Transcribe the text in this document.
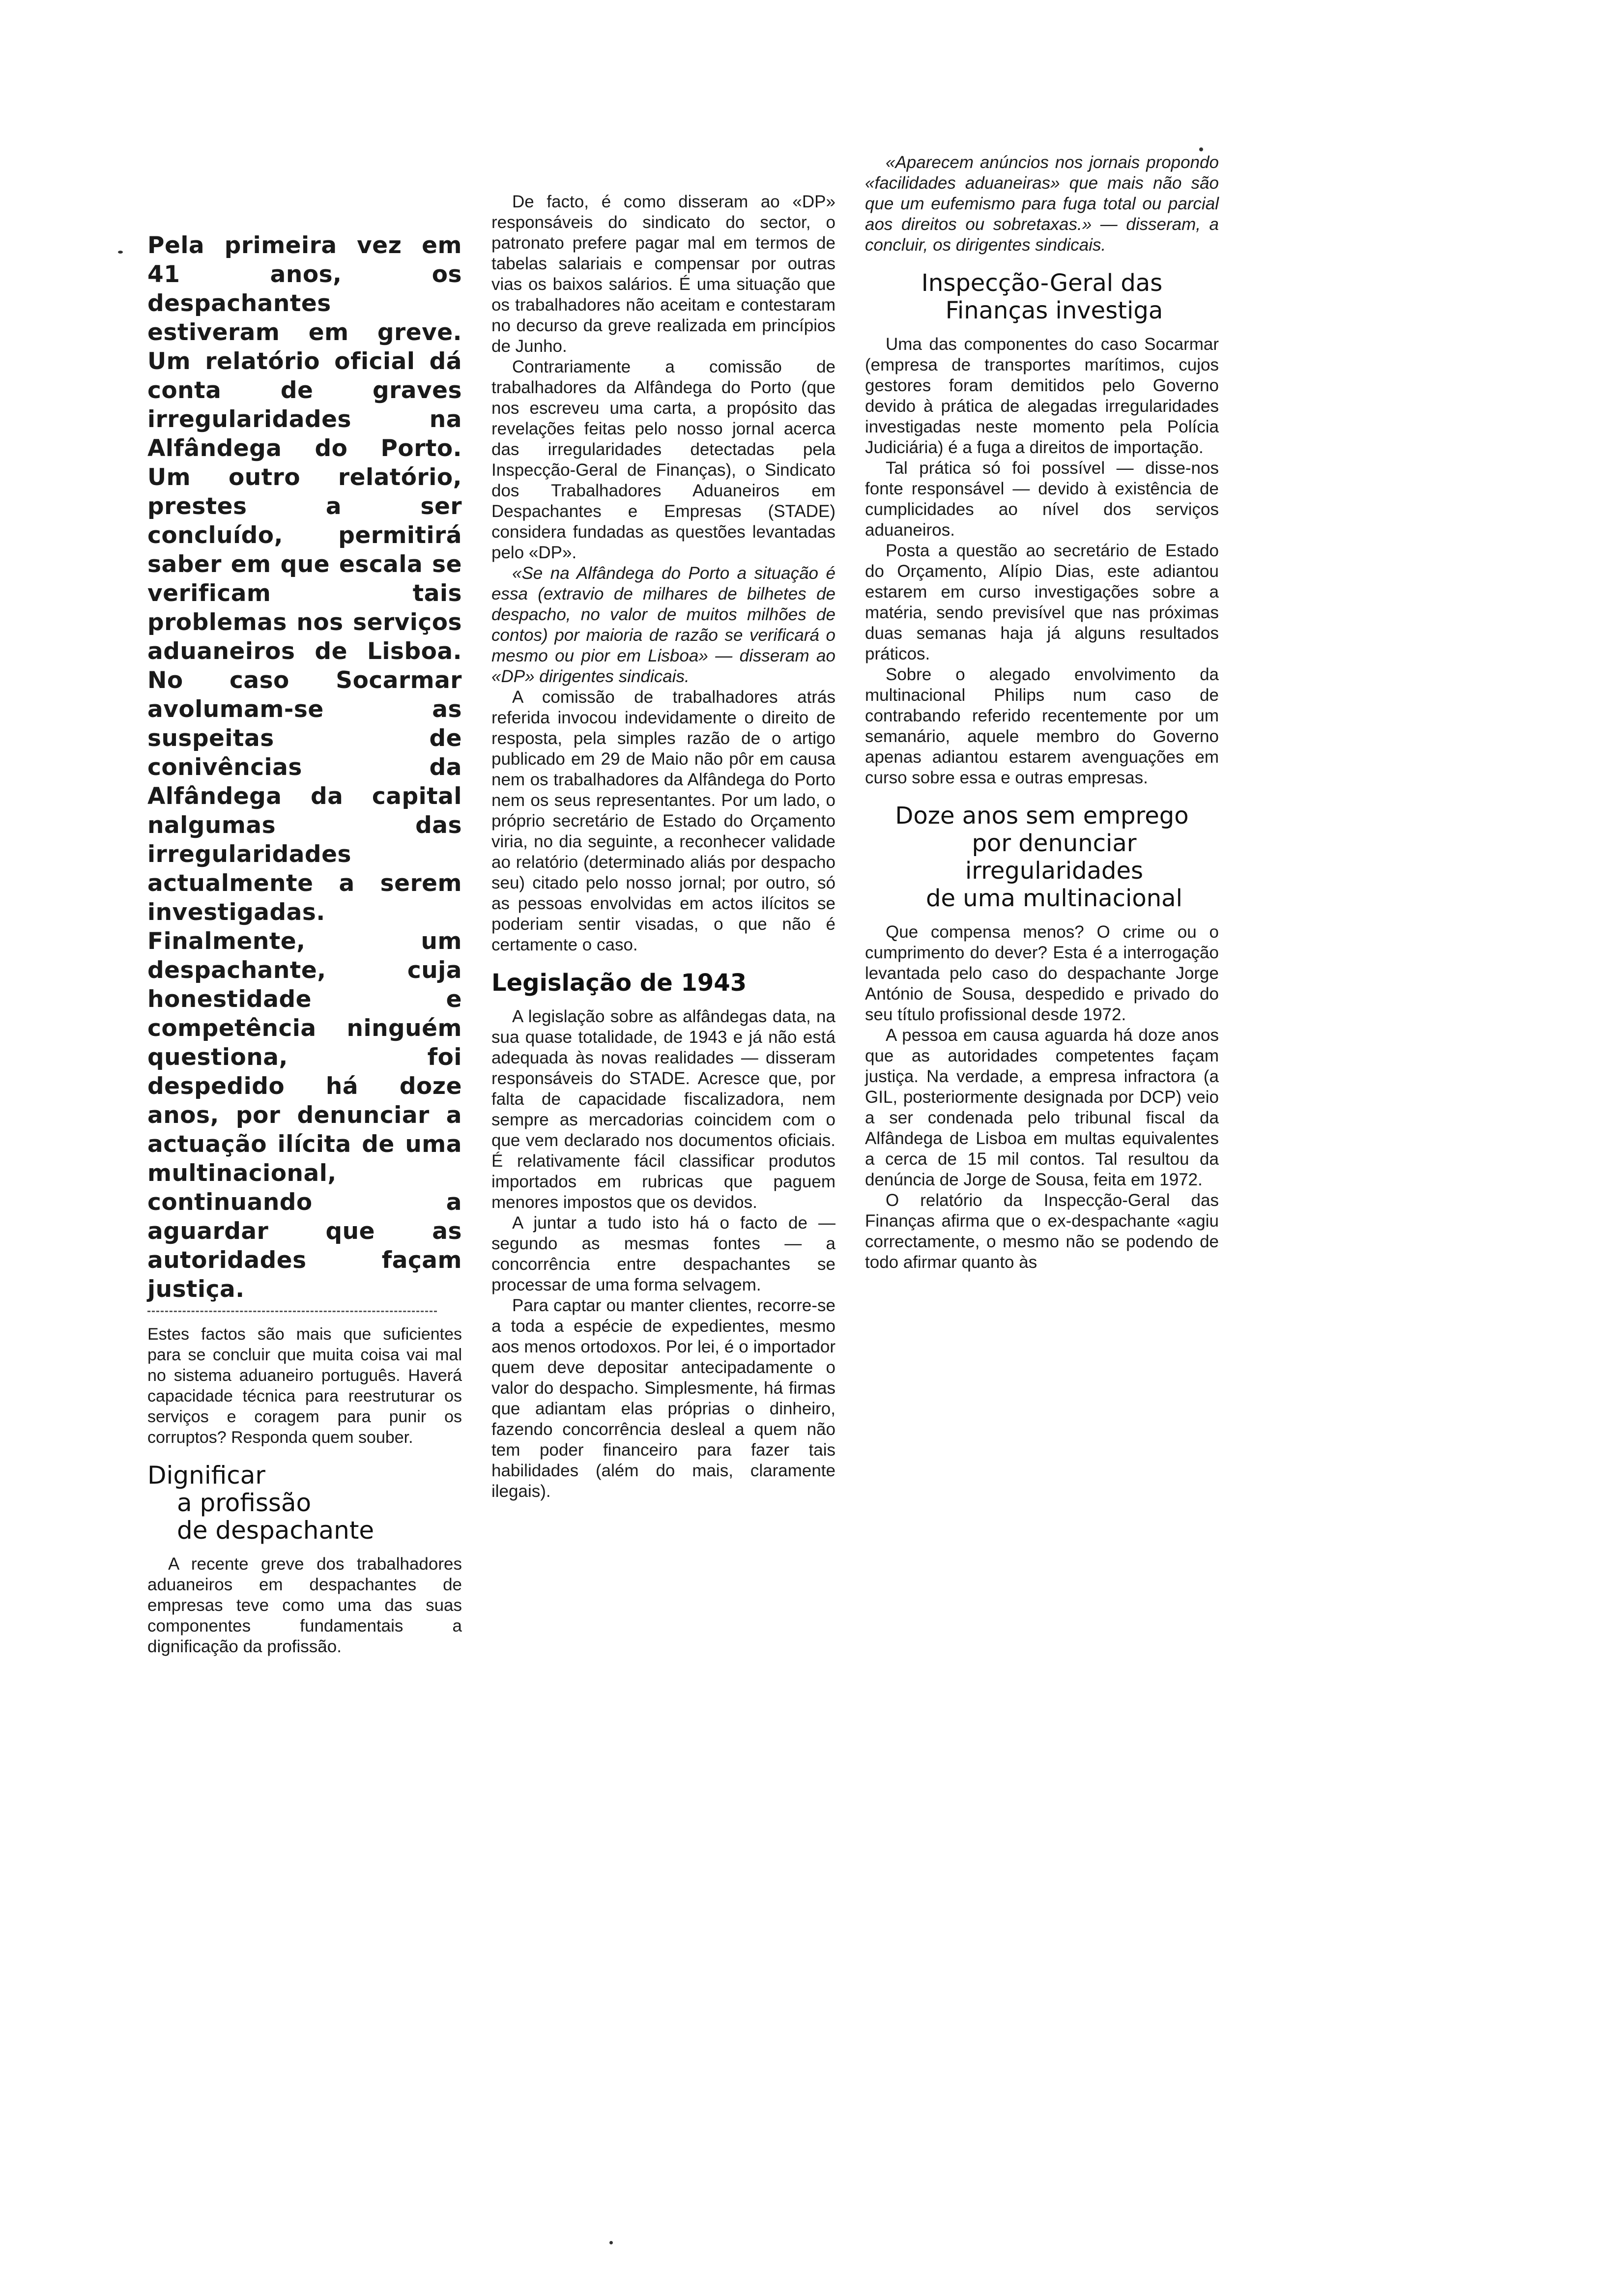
Pela primeira vez em 41 anos, os despachantes estiveram em greve. Um relatório oficial dá conta de graves irregularidades na Alfândega do Porto. Um outro relatório, prestes a ser concluído, permitirá saber em que escala se verificam tais problemas nos serviços aduaneiros de Lisboa. No caso Socarmar avolumam-se as suspeitas de conivências da Alfândega da capital nalgumas das irregularidades actualmente a serem investigadas. Finalmente, um despachante, cuja honestidade e competência ninguém questiona, foi despedido há doze anos, por denunciar a actuação ilícita de uma multinacional, continuando a aguardar que as autoridades façam justiça.

Estes factos são mais que suficientes para se concluir que muita coisa vai mal no sistema aduaneiro português. Haverá capacidade técnica para reestruturar os serviços e coragem para punir os corruptos? Responda quem souber.

Dignificar
a profissão
de despachante

A recente greve dos trabalhadores aduaneiros em despachantes de empresas teve como uma das suas componentes fundamentais a dignificação da profissão.

De facto, é como disseram ao «DP» responsáveis do sindicato do sector, o patronato prefere pagar mal em termos de tabelas salariais e compensar por outras vias os baixos salários. É uma situação que os trabalhadores não aceitam e contestaram no decurso da greve realizada em princípios de Junho.

Contrariamente a comissão de trabalhadores da Alfândega do Porto (que nos escreveu uma carta, a propósito das revelações feitas pelo nosso jornal acerca das irregularidades detectadas pela Inspecção-Geral de Finanças), o Sindicato dos Trabalhadores Aduaneiros em Despachantes e Empresas (STADE) considera fundadas as questões levantadas pelo «DP».

«Se na Alfândega do Porto a situação é essa (extravio de milhares de bilhetes de despacho, no valor de muitos milhões de contos) por maioria de razão se verificará o mesmo ou pior em Lisboa» — disseram ao «DP» dirigentes sindicais.

A comissão de trabalhadores atrás referida invocou indevidamente o direito de resposta, pela simples razão de o artigo publicado em 29 de Maio não pôr em causa nem os trabalhadores da Alfândega do Porto nem os seus representantes. Por um lado, o próprio secretário de Estado do Orçamento viria, no dia seguinte, a reconhecer validade ao relatório (determinado aliás por despacho seu) citado pelo nosso jornal; por outro, só as pessoas envolvidas em actos ilícitos se poderiam sentir visadas, o que não é certamente o caso.

Legislação de 1943

A legislação sobre as alfândegas data, na sua quase totalidade, de 1943 e já não está adequada às novas realidades — disseram responsáveis do STADE. Acresce que, por falta de capacidade fiscalizadora, nem sempre as mercadorias coincidem com o que vem declarado nos documentos oficiais. É relativamente fácil classificar produtos importados em rubricas que paguem menores impostos que os devidos.

A juntar a tudo isto há o facto de — segundo as mesmas fontes — a concorrência entre despachantes se processar de uma forma selvagem.

Para captar ou manter clientes, recorre-se a toda a espécie de expedientes, mesmo aos menos ortodoxos. Por lei, é o importador quem deve depositar antecipadamente o valor do despacho. Simplesmente, há firmas que adiantam elas próprias o dinheiro, fazendo concorrência desleal a quem não tem poder financeiro para fazer tais habilidades (além do mais, claramente ilegais).

«Aparecem anúncios nos jornais propondo «facilidades aduaneiras» que mais não são que um eufemismo para fuga total ou parcial aos direitos ou sobretaxas.» — disseram, a concluir, os dirigentes sindicais.

Inspecção-Geral das
Finanças investiga

Uma das componentes do caso Socarmar (empresa de transportes marítimos, cujos gestores foram demitidos pelo Governo devido à prática de alegadas irregularidades investigadas neste momento pela Polícia Judiciária) é a fuga a direitos de importação.

Tal prática só foi possível — disse-nos fonte responsável — devido à existência de cumplicidades ao nível dos serviços aduaneiros.

Posta a questão ao secretário de Estado do Orçamento, Alípio Dias, este adiantou estarem em curso investigações sobre a matéria, sendo previsível que nas próximas duas semanas haja já alguns resultados práticos.

Sobre o alegado envolvimento da multinacional Philips num caso de contrabando referido recentemente por um semanário, aquele membro do Governo apenas adiantou estarem avenguações em curso sobre essa e outras empresas.

Doze anos sem emprego
por denunciar
irregularidades
de uma multinacional

Que compensa menos? O crime ou o cumprimento do dever? Esta é a interrogação levantada pelo caso do despachante Jorge António de Sousa, despedido e privado do seu título profissional desde 1972.

A pessoa em causa aguarda há doze anos que as autoridades competentes façam justiça. Na verdade, a empresa infractora (a GIL, posteriormente designada por DCP) veio a ser condenada pelo tribunal fiscal da Alfândega de Lisboa em multas equivalentes a cerca de 15 mil contos. Tal resultou da denúncia de Jorge de Sousa, feita em 1972.

O relatório da Inspecção-Geral das Finanças afirma que o ex-despachante «agiu correctamente, o mesmo não se podendo de todo afirmar quanto às
